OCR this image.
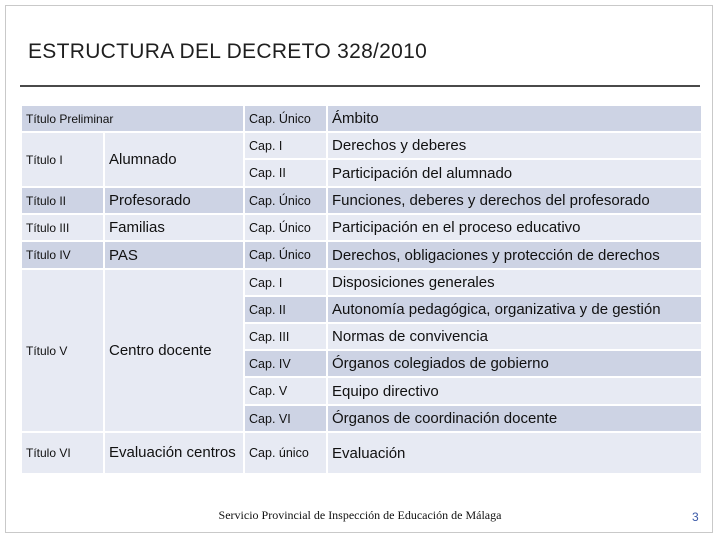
ESTRUCTURA DEL DECRETO 328/2010
Título Preliminar		Cap. Único	Ámbito
Título I	Alumnado	Cap. I	Derechos y deberes
		Cap. II	Participación del alumnado
Título II	Profesorado	Cap. Único	Funciones, deberes y derechos del profesorado
Título III	Familias	Cap. Único	Participación en el proceso educativo
Título IV	PAS	Cap. Único	Derechos, obligaciones y protección de derechos
Título V	Centro docente	Cap. I	Disposiciones generales
		Cap. II	Autonomía pedagógica, organizativa y de gestión
		Cap. III	Normas de convivencia
		Cap. IV	Órganos colegiados de gobierno
		Cap. V	Equipo directivo
		Cap. VI	Órganos de coordinación docente
Título VI	Evaluación centros	Cap. único	Evaluación
Servicio Provincial de Inspección de Educación de Málaga	3
